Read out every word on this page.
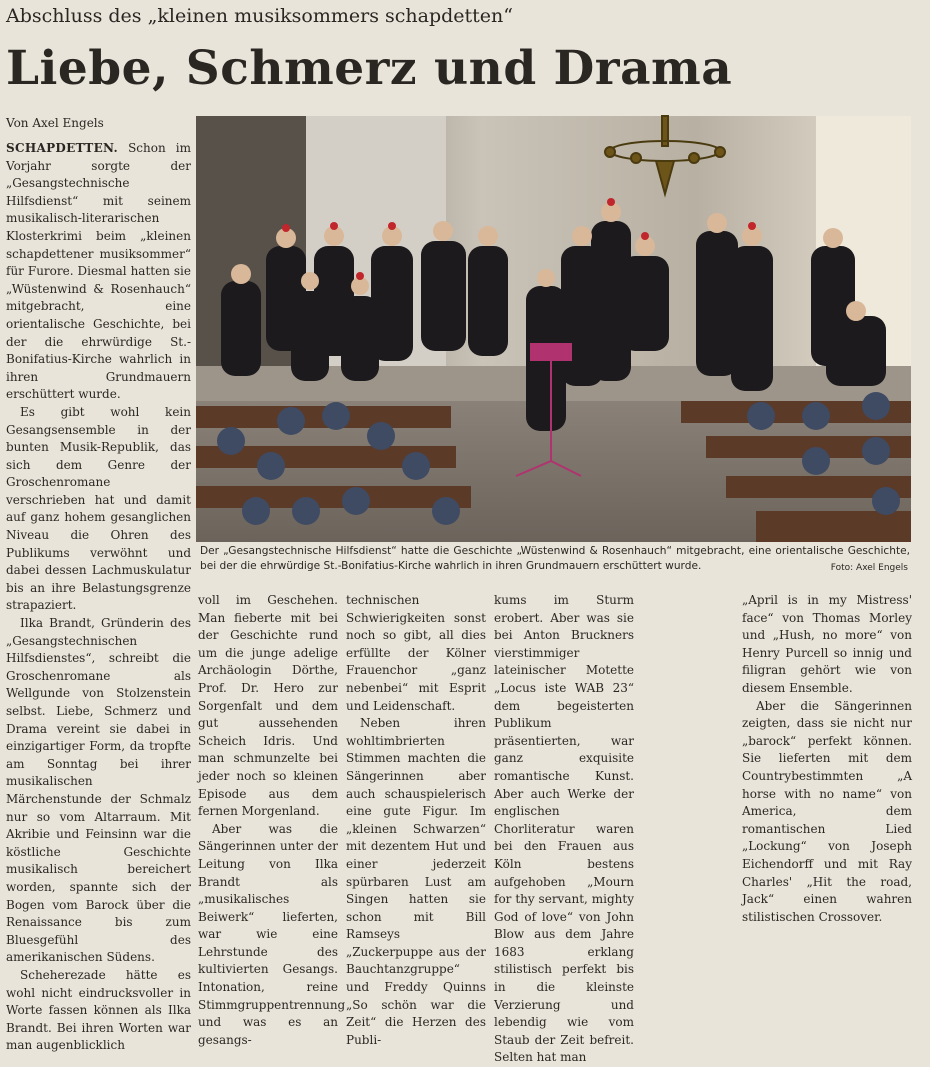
Abschluss des „kleinen musiksommers schapdetten“
Liebe, Schmerz und Drama
Von Axel Engels

SCHAPDETTEN. Schon im Vorjahr sorgte der „Gesangstechnische Hilfsdienst“ mit seinem musikalisch-literarischen Klosterkrimi beim „kleinen schapdettener musiksommer“ für Furore. Diesmal hatten sie „Wüstenwind & Rosenhauch“ mitgebracht, eine orientalische Geschichte, bei der die ehrwürdige St.-Bonifatius-Kirche wahrlich in ihren Grundmauern erschüttert wurde.

Es gibt wohl kein Gesangsensemble in der bunten Musik-Republik, das sich dem Genre der Groschenromane verschrieben hat und damit auf ganz hohem gesanglichen Niveau die Ohren des Publikums verwöhnt und dabei dessen Lachmuskulatur bis an ihre Belastungsgrenze strapaziert.

Ilka Brandt, Gründerin des „Gesangstechnischen Hilfsdienstes“, schreibt die Groschenromane als Wellgunde von Stolzenstein selbst. Liebe, Schmerz und Drama vereint sie dabei in einzigartiger Form, da tropfte am Sonntag bei ihrer musikalischen Märchenstunde der Schmalz nur so vom Altarraum. Mit Akribie und Feinsinn war die köstliche Geschichte musikalisch bereichert worden, spannte sich der Bogen vom Barock über die Renaissance bis zum Bluesgefühl des amerikanischen Südens.

Scheherezade hätte es wohl nicht eindrucksvoller in Worte fassen können als Ilka Brandt. Bei ihren Worten war man augenblicklich

Der „Gesangstechnische Hilfsdienst“ hatte die Geschichte „Wüstenwind & Rosenhauch“ mitgebracht, eine orientalische Geschichte, bei der die ehrwürdige St.-Bonifatius-Kirche wahrlich in ihren Grundmauern erschüttert wurde.	Foto: Axel Engels

voll im Geschehen. Man fieberte mit bei der Geschichte rund um die junge adelige Archäologin Dörthe, Prof. Dr. Hero zur Sorgenfalt und dem gut aussehenden Scheich Idris. Und man schmunzelte bei jeder noch so kleinen Episode aus dem fernen Morgenland.

Aber was die Sängerinnen unter der Leitung von Ilka Brandt als „musikalisches Beiwerk“ lieferten, war wie eine Lehrstunde des kultivierten Gesangs. Intonation, reine Stimmgruppentrennung und was es an gesangs-

technischen Schwierigkeiten sonst noch so gibt, all dies erfüllte der Kölner Frauenchor „ganz nebenbei“ mit Esprit und Leidenschaft.

Neben ihren wohltimbrierten Stimmen machten die Sängerinnen aber auch schauspielerisch eine gute Figur. Im „kleinen Schwarzen“ mit dezentem Hut und einer jederzeit spürbaren Lust am Singen hatten sie schon mit Bill Ramseys „Zuckerpuppe aus der Bauchtanzgruppe“ und Freddy Quinns „So schön war die Zeit“ die Herzen des Publi-

kums im Sturm erobert. Aber was sie bei Anton Bruckners vierstimmiger lateinischer Motette „Locus iste WAB 23“ dem begeisterten Publikum präsentierten, war ganz exquisite romantische Kunst. Aber auch Werke der englischen Chorliteratur waren bei den Frauen aus Köln bestens aufgehoben „Mourn for thy servant, mighty God of love“ von John Blow aus dem Jahre 1683 erklang stilistisch perfekt bis in die kleinste Verzierung und lebendig wie vom Staub der Zeit befreit. Selten hat man

„April is in my Mistress' face“ von Thomas Morley und „Hush, no more“ von Henry Purcell so innig und filigran gehört wie von diesem Ensemble.

Aber die Sängerinnen zeigten, dass sie nicht nur „barock“ perfekt können. Sie lieferten mit dem Countrybestimmten „A horse with no name“ von America, dem romantischen Lied „Lockung“ von Joseph Eichendorff und mit Ray Charles' „Hit the road, Jack“ einen wahren stilistischen Crossover.
